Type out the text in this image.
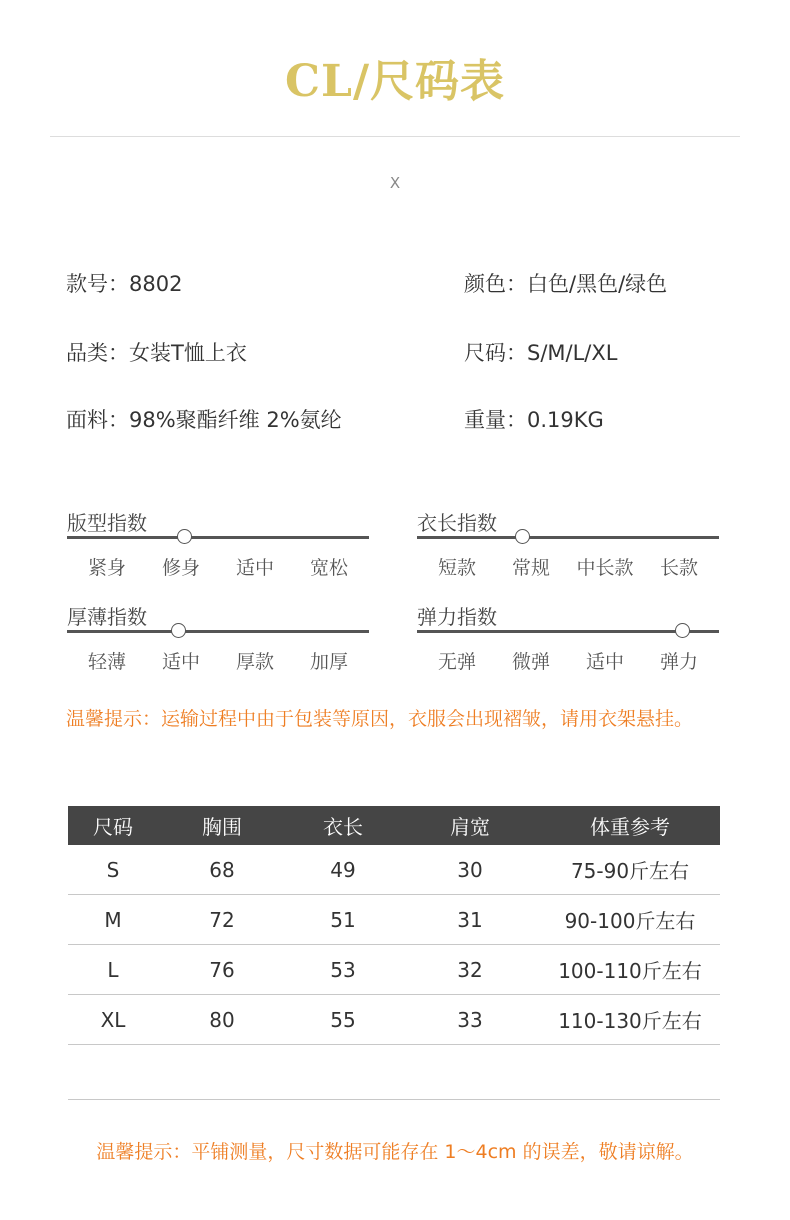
CL/尺码表
X
款号：8802	颜色：白色/黑色/绿色
品类：女装T恤上衣	尺码：S/M/L/XL
面料：98%聚酯纤维 2%氨纶	重量：0.19KG
版型指数
紧身	修身	适中	宽松
衣长指数
短款	常规	中长款	长款
厚薄指数
轻薄	适中	厚款	加厚
弹力指数
无弹	微弹	适中	弹力
温馨提示：运输过程中由于包装等原因，衣服会出现褶皱，请用衣架悬挂。
尺码	胸围	衣长	肩宽	体重参考
S	68	49	30	75-90斤左右
M	72	51	31	90-100斤左右
L	76	53	32	100-110斤左右
XL	80	55	33	110-130斤左右
温馨提示：平铺测量，尺寸数据可能存在 1～4cm 的误差，敬请谅解。
